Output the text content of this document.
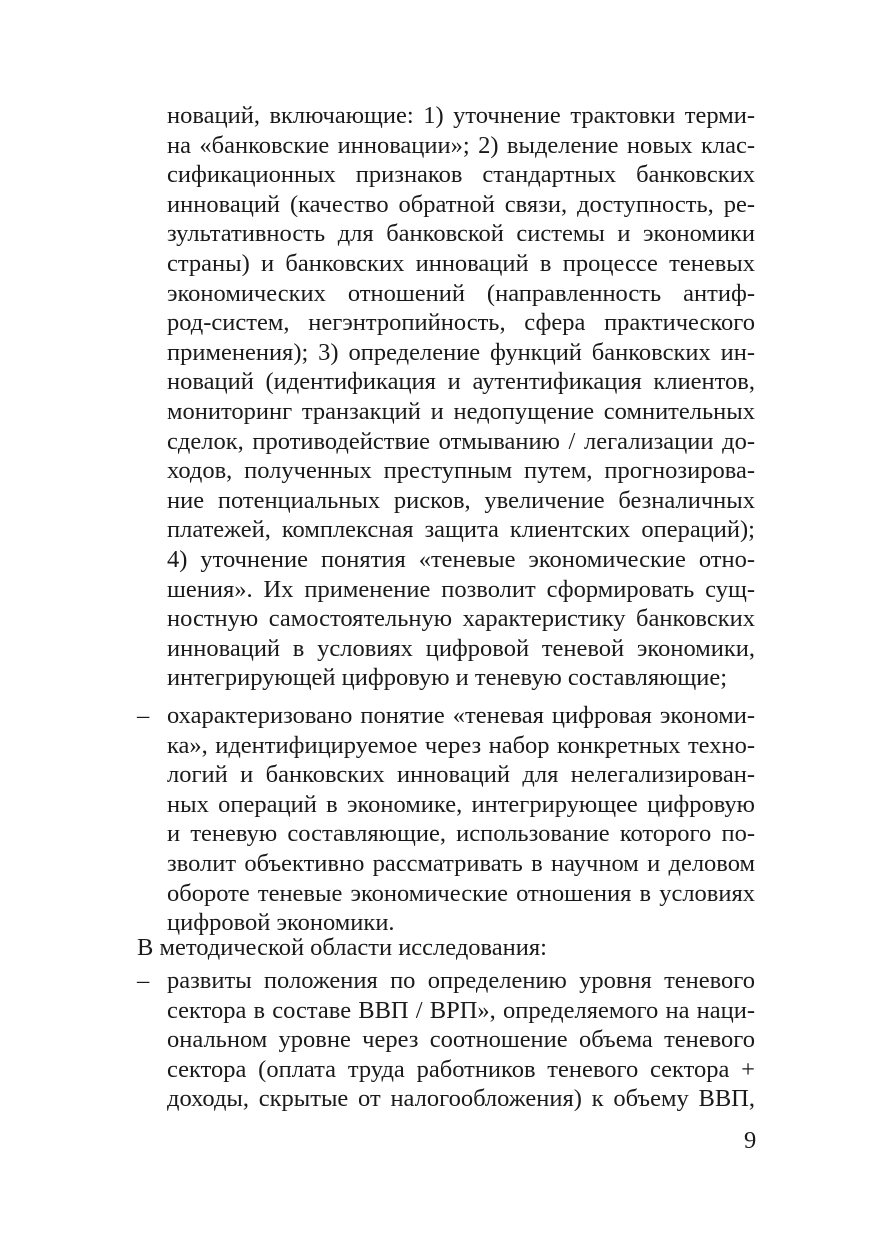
новаций, включающие: 1) уточнение трактовки терми-
на «банковские инновации»; 2) выделение новых клас-
сификационных признаков стандартных банковских
инноваций (качество обратной связи, доступность, ре-
зультативность для банковской системы и экономики
страны) и банковских инноваций в процессе теневых
экономических отношений (направленность антиф-
род-систем, негэнтропийность, сфера практического
применения); 3) определение функций банковских ин-
новаций (идентификация и аутентификация клиентов,
мониторинг транзакций и недопущение сомнительных
сделок, противодействие отмыванию / легализации до-
ходов, полученных преступным путем, прогнозирова-
ние потенциальных рисков, увеличение безналичных
платежей, комплексная защита клиентских операций);
4) уточнение понятия «теневые экономические отно-
шения». Их применение позволит сформировать сущ-
ностную самостоятельную характеристику банковских
инноваций в условиях цифровой теневой экономики,
интегрирующей цифровую и теневую составляющие;
– охарактеризовано понятие «теневая цифровая экономи-
ка», идентифицируемое через набор конкретных техно-
логий и банковских инноваций для нелегализирован-
ных операций в экономике, интегрирующее цифровую
и теневую составляющие, использование которого по-
зволит объективно рассматривать в научном и деловом
обороте теневые экономические отношения в условиях
цифровой экономики.
В методической области исследования:
– развиты положения по определению уровня теневого
сектора в составе ВВП / ВРП», определяемого на наци-
ональном уровне через соотношение объема теневого
сектора (оплата труда работников теневого сектора +
доходы, скрытые от налогообложения) к объему ВВП,
9
